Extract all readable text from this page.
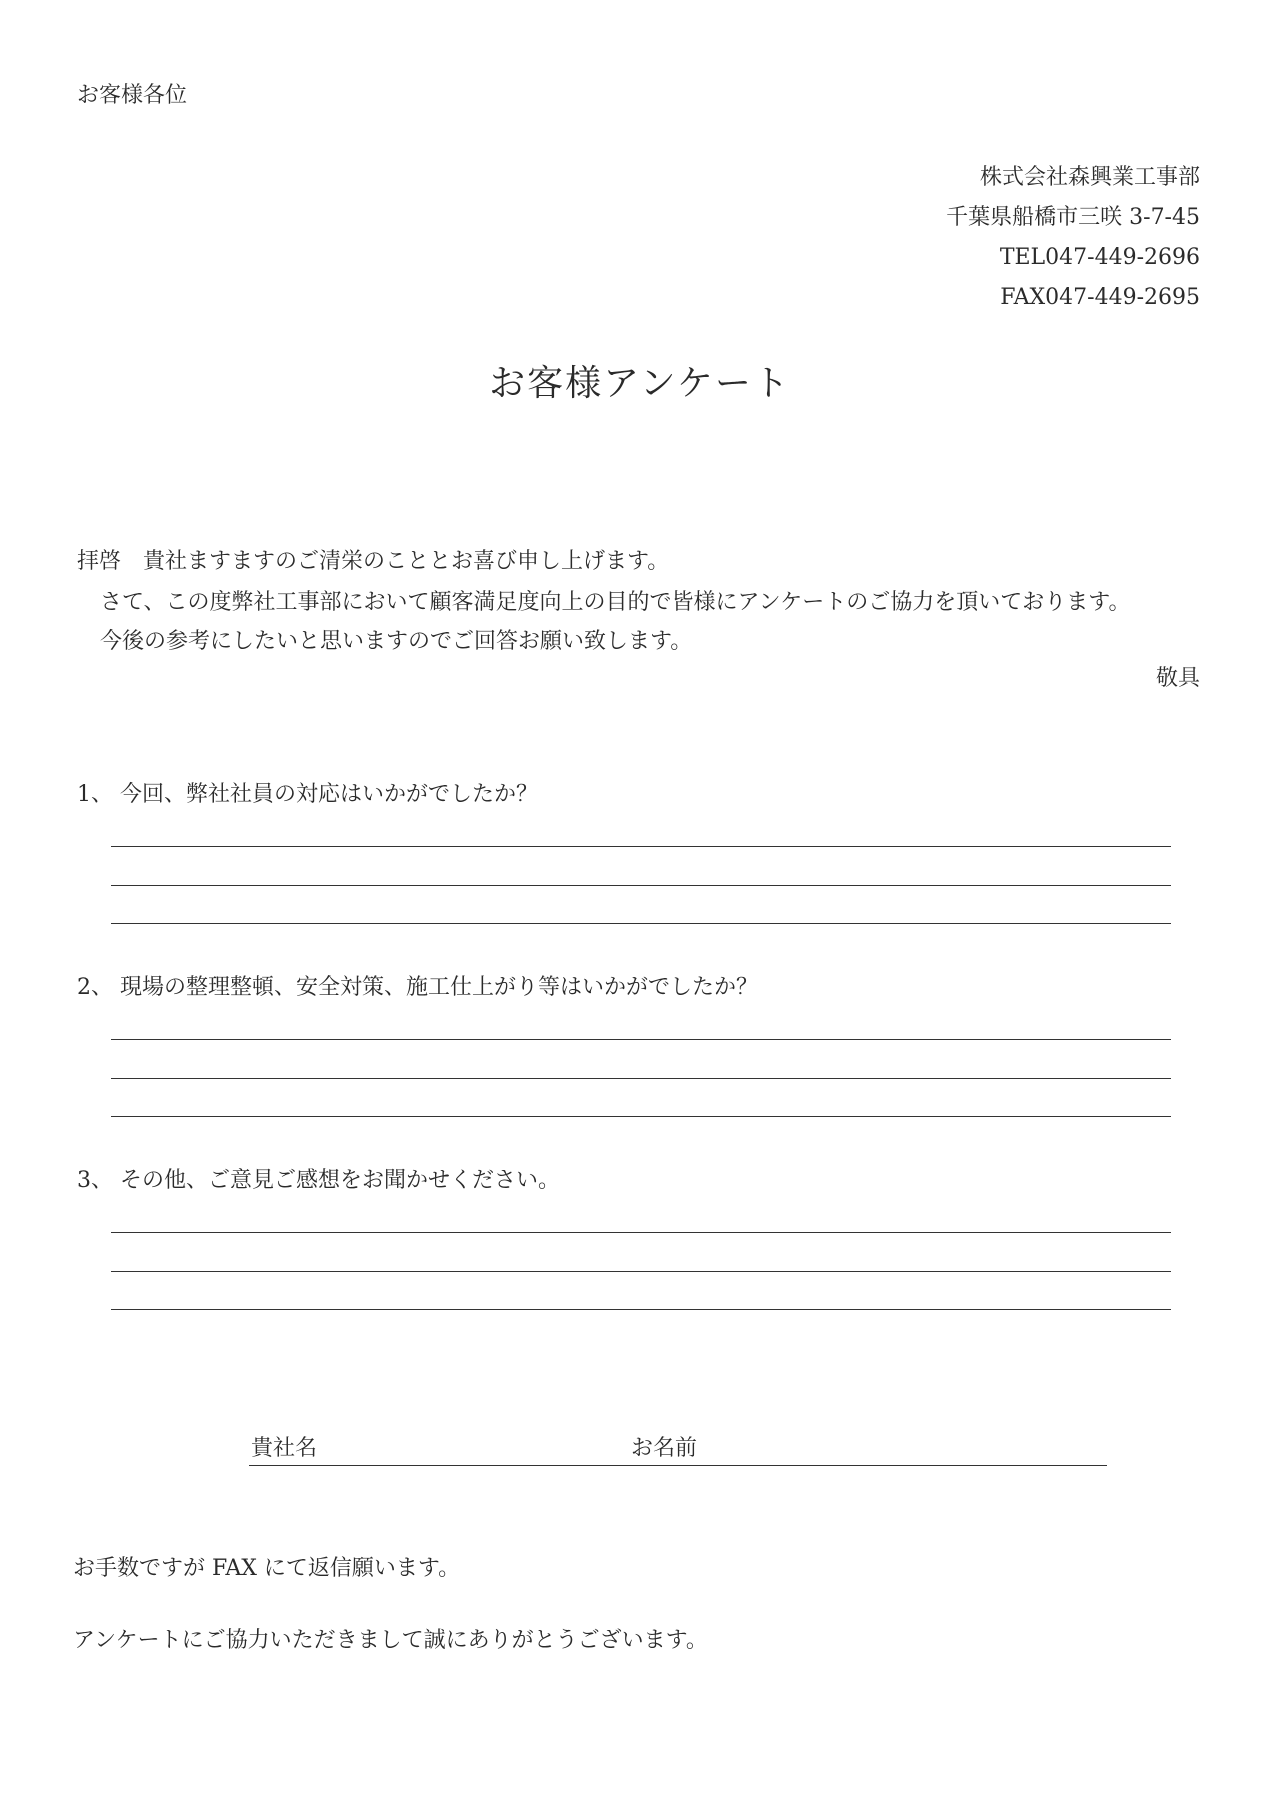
お客様各位
株式会社森興業工事部
千葉県船橋市三咲 3-7-45
TEL047-449-2696
FAX047-449-2695
お客様アンケート
拝啓　貴社ますますのご清栄のこととお喜び申し上げます。
さて、この度弊社工事部において顧客満足度向上の目的で皆様にアンケートのご協力を頂いております。
今後の参考にしたいと思いますのでご回答お願い致します。
敬具
1、 今回、弊社社員の対応はいかがでしたか？
2、 現場の整理整頓、安全対策、施工仕上がり等はいかがでしたか？
3、 その他、ご意見ご感想をお聞かせください。
貴社名	お名前
お手数ですが FAX にて返信願います。
アンケートにご協力いただきまして誠にありがとうございます。
